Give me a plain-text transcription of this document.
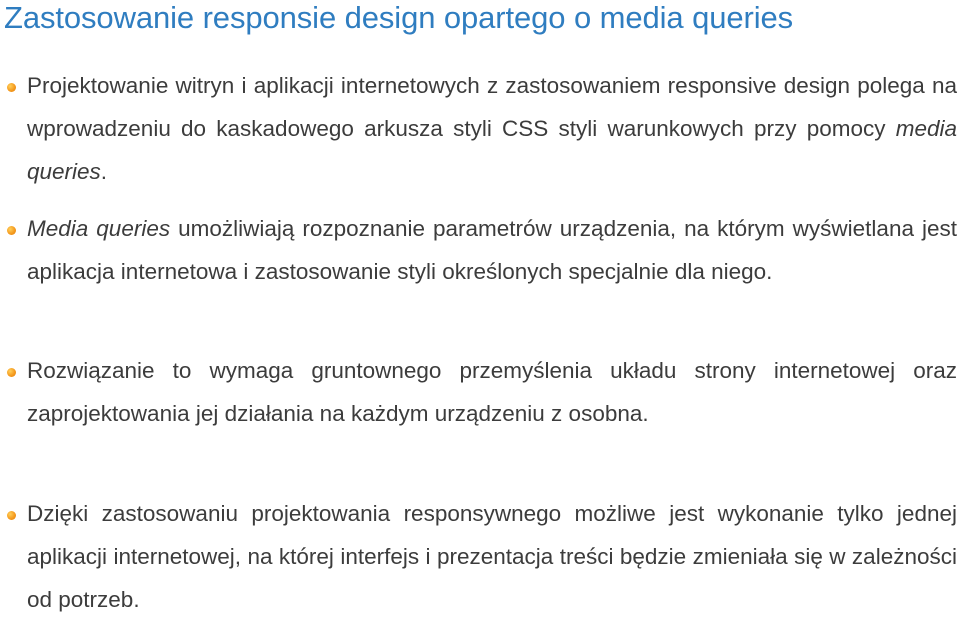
Zastosowanie responsie design opartego o media queries
Projektowanie witryn i aplikacji internetowych z zastosowaniem responsive design polega na wprowadzeniu do kaskadowego arkusza styli CSS styli warunkowych przy pomocy media queries.
Media queries umożliwiają rozpoznanie parametrów urządzenia, na którym wyświetlana jest aplikacja internetowa i zastosowanie styli określonych specjalnie dla niego.
Rozwiązanie to wymaga gruntownego przemyślenia układu strony internetowej oraz zaprojektowania jej działania na każdym urządzeniu z osobna.
Dzięki zastosowaniu projektowania responsywnego możliwe jest wykonanie tylko jednej aplikacji internetowej, na której interfejs i prezentacja treści będzie zmieniała się w zależności od potrzeb.
